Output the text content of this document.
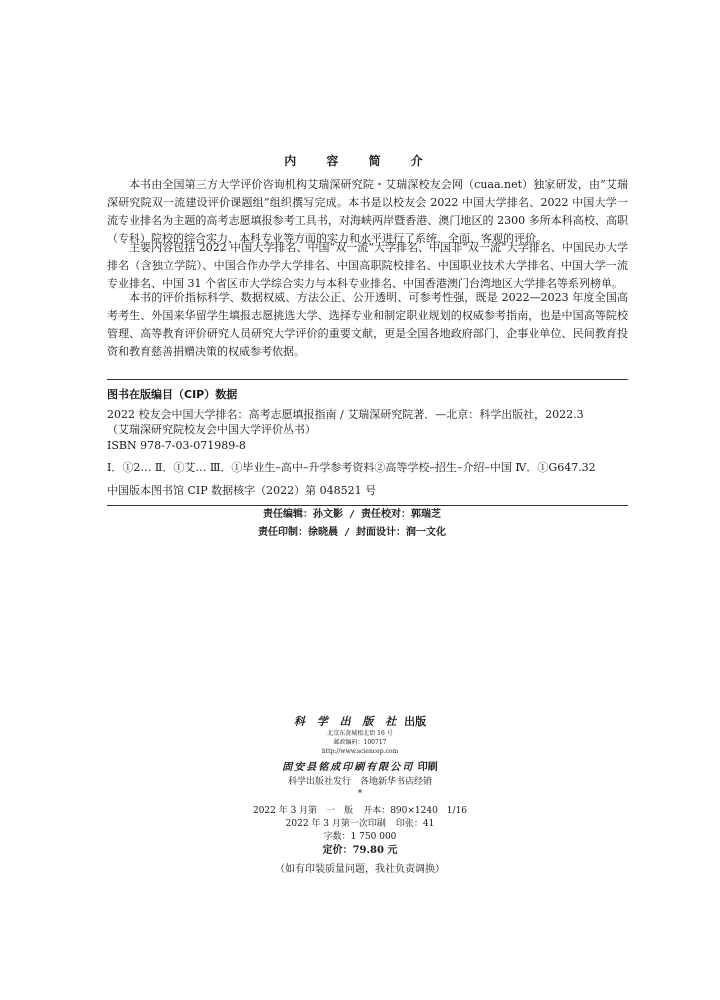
内 容 简 介
本书由全国第三方大学评价咨询机构艾瑞深研究院・艾瑞深校友会网（cuaa.net）独家研发，由“艾瑞深研究院双一流建设评价课题组”组织撰写完成。本书是以校友会 2022 中国大学排名、2022 中国大学一流专业排名为主题的高考志愿填报参考工具书，对海峡两岸暨香港、澳门地区的 2300 多所本科高校、高职（专科）院校的综合实力、本科专业等方面的实力和水平进行了系统、全面、客观的评价。
主要内容包括 2022 中国大学排名、中国“双一流”大学排名、中国非“双一流”大学排名、中国民办大学排名（含独立学院）、中国合作办学大学排名、中国高职院校排名、中国职业技术大学排名、中国大学一流专业排名、中国 31 个省区市大学综合实力与本科专业排名、中国香港澳门台湾地区大学排名等系列榜单。
本书的评价指标科学、数据权威、方法公正、公开透明、可参考性强，既是 2022—2023 年度全国高考考生、外国来华留学生填报志愿挑选大学、选择专业和制定职业规划的权威参考指南，也是中国高等院校管理、高等教育评价研究人员研究大学评价的重要文献，更是全国各地政府部门、企事业单位、民间教育投资和教育慈善捐赠决策的权威参考依据。
图书在版编目（CIP）数据
2022 校友会中国大学排名：高考志愿填报指南 / 艾瑞深研究院著．—北京：科学出版社，2022.3
（艾瑞深研究院校友会中国大学评价丛书）
ISBN 978-7-03-071989-8
Ⅰ．①2… Ⅱ．①艾… Ⅲ．①毕业生–高中–升学参考资料②高等学校–招生–介绍–中国 Ⅳ．①G647.32
中国版本图书馆 CIP 数据核字（2022）第 048521 号
责任编辑：孙文影 / 责任校对：郭瑞芝
责任印制：徐晓晨 / 封面设计：润一文化
科 学 出 版 社 出版
北京东黄城根北街 16 号
邮政编码：100717
http://www.sciencep.com
固安县铭成印刷有限公司 印刷
科学出版社发行　各地新华书店经销
*
2022 年 3 月第　一　版 开本：890×1240　1/16
2022 年 3 月第一次印刷 印张：41
字数：1 750 000
定价：79.80 元
（如有印装质量问题，我社负责调换）
